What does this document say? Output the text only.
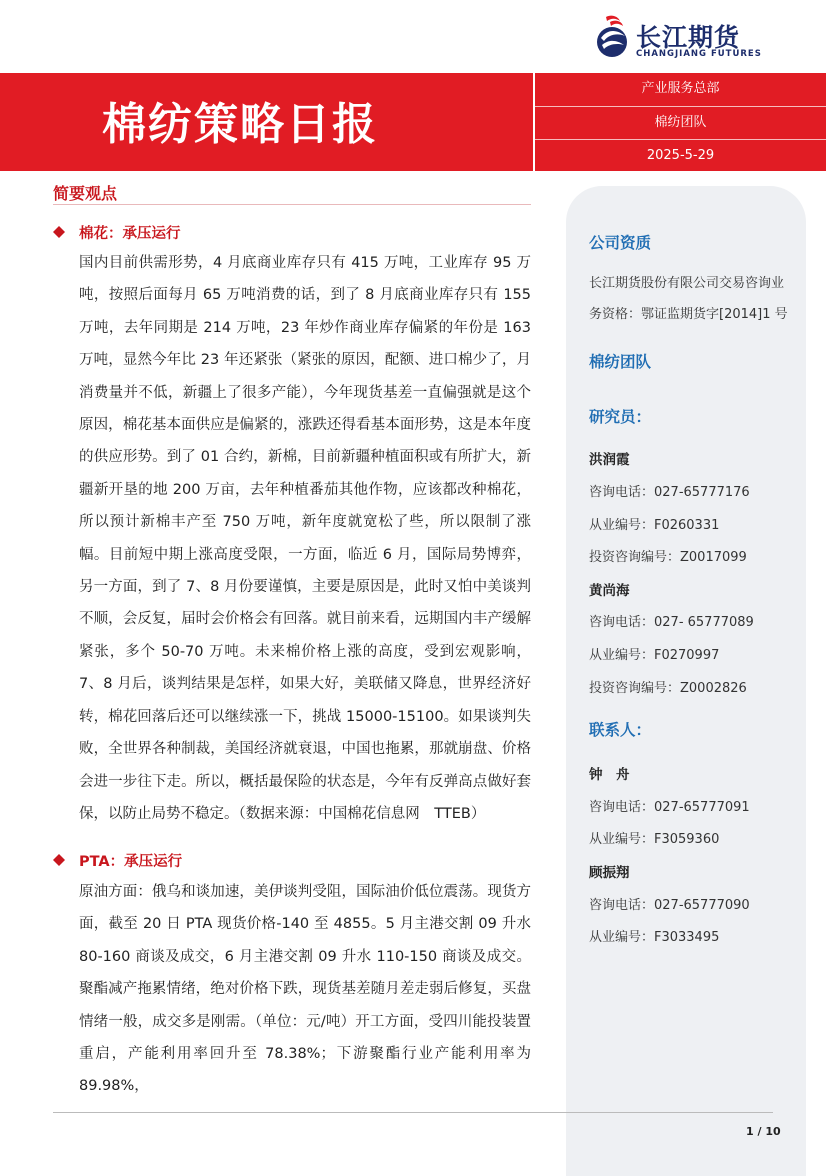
长江期货
CHANGJIANG FUTURES
棉纺策略日报
产业服务总部
棉纺团队
2025-5-29
简要观点
棉花：承压运行
国内目前供需形势，4 月底商业库存只有 415 万吨，工业库存 95 万吨，按照后面每月 65 万吨消费的话，到了 8 月底商业库存只有 155 万吨，去年同期是 214 万吨，23 年炒作商业库存偏紧的年份是 163 万吨，显然今年比 23 年还紧张（紧张的原因，配额、进口棉少了，月消费量并不低，新疆上了很多产能），今年现货基差一直偏强就是这个原因，棉花基本面供应是偏紧的，涨跌还得看基本面形势，这是本年度的供应形势。到了 01 合约，新棉，目前新疆种植面积或有所扩大，新疆新开垦的地 200 万亩，去年种植番茄其他作物，应该都改种棉花，所以预计新棉丰产至 750 万吨，新年度就宽松了些，所以限制了涨幅。目前短中期上涨高度受限，一方面，临近 6 月，国际局势博弈，另一方面，到了 7、8 月份要谨慎，主要是原因是，此时又怕中美谈判不顺，会反复，届时会价格会有回落。就目前来看，远期国内丰产缓解紧张，多个 50-70 万吨。未来棉价格上涨的高度，受到宏观影响，7、8 月后，谈判结果是怎样，如果大好，美联储又降息，世界经济好转，棉花回落后还可以继续涨一下，挑战 15000-15100。如果谈判失败，全世界各种制裁，美国经济就衰退，中国也拖累，那就崩盘、价格会进一步往下走。所以，概括最保险的状态是，今年有反弹高点做好套保，以防止局势不稳定。（数据来源：中国棉花信息网　TTEB）
PTA：承压运行
原油方面：俄乌和谈加速，美伊谈判受阻，国际油价低位震荡。现货方面，截至 20 日 PTA 现货价格-140 至 4855。5 月主港交割 09 升水 80-160 商谈及成交，6 月主港交割 09 升水 110-150 商谈及成交。聚酯减产拖累情绪，绝对价格下跌，现货基差随月差走弱后修复，买盘情绪一般，成交多是刚需。（单位：元/吨）开工方面，受四川能投装置重启，产能利用率回升至 78.38%；下游聚酯行业产能利用率为 89.98%，
公司资质
长江期货股份有限公司交易咨询业
务资格：鄂证监期货字[2014]1 号
棉纺团队
研究员：
洪润霞
咨询电话：027-65777176
从业编号：F0260331
投资咨询编号：Z0017099
黄尚海
咨询电话：027- 65777089
从业编号：F0270997
投资咨询编号：Z0002826
联系人：
钟　舟
咨询电话：027-65777091
从业编号：F3059360
顾振翔
咨询电话：027-65777090
从业编号：F3033495
1 / 10
